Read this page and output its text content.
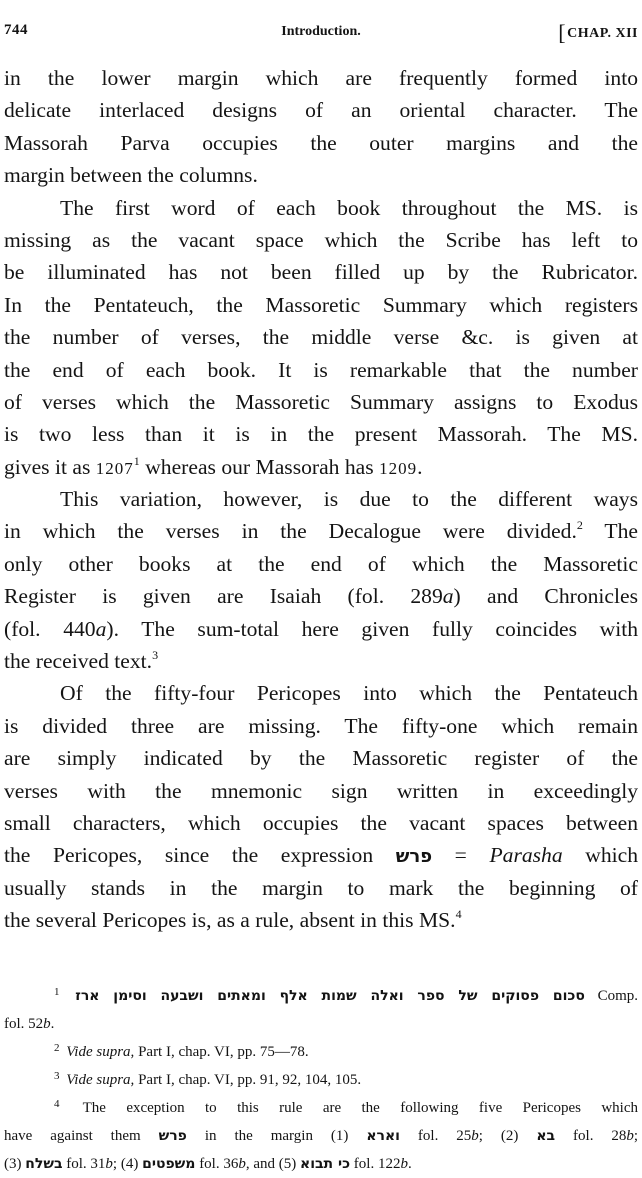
744	Introduction.	[CHAP. XII
in the lower margin which are frequently formed into
delicate interlaced designs of an oriental character. The
Massorah Parva occupies the outer margins and the
margin between the columns.
The first word of each book throughout the MS. is
missing as the vacant space which the Scribe has left to
be illuminated has not been filled up by the Rubricator.
In the Pentateuch, the Massoretic Summary which registers
the number of verses, the middle verse &c. is given at
the end of each book. It is remarkable that the number
of verses which the Massoretic Summary assigns to Exodus
is two less than it is in the present Massorah. The MS.
gives it as 1207$^1$ whereas our Massorah has 1209.
This variation, however, is due to the different ways
in which the verses in the Decalogue were divided.$^2$ The
only other books at the end of which the Massoretic
Register is given are Isaiah (fol. 289a) and Chronicles
(fol. 440a). The sum-total here given fully coincides with
the received text.$^3$
Of the fifty-four Pericopes into which the Pentateuch
is divided three are missing. The fifty-one which remain
are simply indicated by the Massoretic register of the
verses with the mnemonic sign written in exceedingly
small characters, which occupies the vacant spaces between
the Pericopes, since the expression פרש = Parasha which
usually stands in the margin to mark the beginning of
the several Pericopes is, as a rule, absent in this MS.$^4$
$^1$ סכום פסוקים של ספר ואלה שמות אלף ומאתים ושבעה וסימן ארז Comp.
fol. 52b.
$^2$ Vide supra, Part I, chap. VI, pp. 75—78.
$^3$ Vide supra, Part I, chap. VI, pp. 91, 92, 104, 105.
$^4$ The exception to this rule are the following five Pericopes which
have against them פרש in the margin (1) וארא fol. 25b; (2) בא fol. 28b;
(3) בשלח fol. 31b; (4) משפטים fol. 36b, and (5) כי תבוא fol. 122b.
